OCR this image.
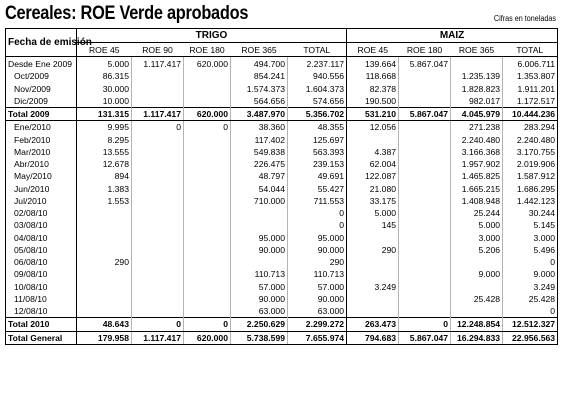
Cereales: ROE Verde aprobados	Cifras en toneladas
Fecha de emisión	TRIGO					MAIZ			
	ROE 45	ROE 90	ROE 180	ROE 365	TOTAL	ROE 45	ROE 180	ROE 365	TOTAL
Desde Ene 2009	5.000	1.117.417	620.000	494.700	2.237.117	139.664	5.867.047		6.006.711
Oct/2009	86.315			854.241	940.556	118.668		1.235.139	1.353.807
Nov/2009	30.000			1.574.373	1.604.373	82.378		1.828.823	1.911.201
Dic/2009	10.000			564.656	574.656	190.500		982.017	1.172.517
Total 2009	131.315	1.117.417	620.000	3.487.970	5.356.702	531.210	5.867.047	4.045.979	10.444.236
Ene/2010	9.995	0	0	38.360	48.355	12.056		271.238	283.294
Feb/2010	8.295			117.402	125.697			2.240.480	2.240.480
Mar/2010	13.555			549.838	563.393	4.387		3.166.368	3.170.755
Abr/2010	12.678			226.475	239.153	62.004		1.957.902	2.019.906
May/2010	894			48.797	49.691	122.087		1.465.825	1.587.912
Jun/2010	1.383			54.044	55.427	21.080		1.665.215	1.686.295
Jul/2010	1.553			710.000	711.553	33.175		1.408.948	1.442.123
02/08/10					0	5.000		25.244	30.244
03/08/10					0	145		5.000	5.145
04/08/10				95.000	95.000			3.000	3.000
05/08/10				90.000	90.000	290		5.206	5.496
06/08/10	290				290				0
09/08/10				110.713	110.713			9.000	9.000
10/08/10				57.000	57.000	3.249			3.249
11/08/10				90.000	90.000			25.428	25.428
12/08/10				63.000	63.000				0
Total 2010	48.643	0	0	2.250.629	2.299.272	263.473	0	12.248.854	12.512.327
Total General	179.958	1.117.417	620.000	5.738.599	7.655.974	794.683	5.867.047	16.294.833	22.956.563
